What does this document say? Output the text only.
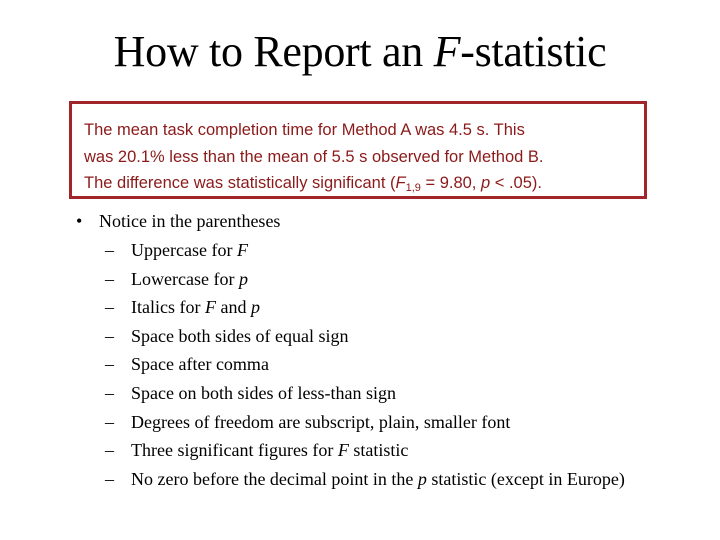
How to Report an F-statistic
The mean task completion time for Method A was 4.5 s. This
was 20.1% less than the mean of 5.5 s observed for Method B.
The difference was statistically significant ($F_{1,9} = 9.80$, p < .05).
• Notice in the parentheses
– Uppercase for F
– Lowercase for p
– Italics for F and p
– Space both sides of equal sign
– Space after comma
– Space on both sides of less-than sign
– Degrees of freedom are subscript, plain, smaller font
– Three significant figures for F statistic
– No zero before the decimal point in the p statistic (except in Europe)
